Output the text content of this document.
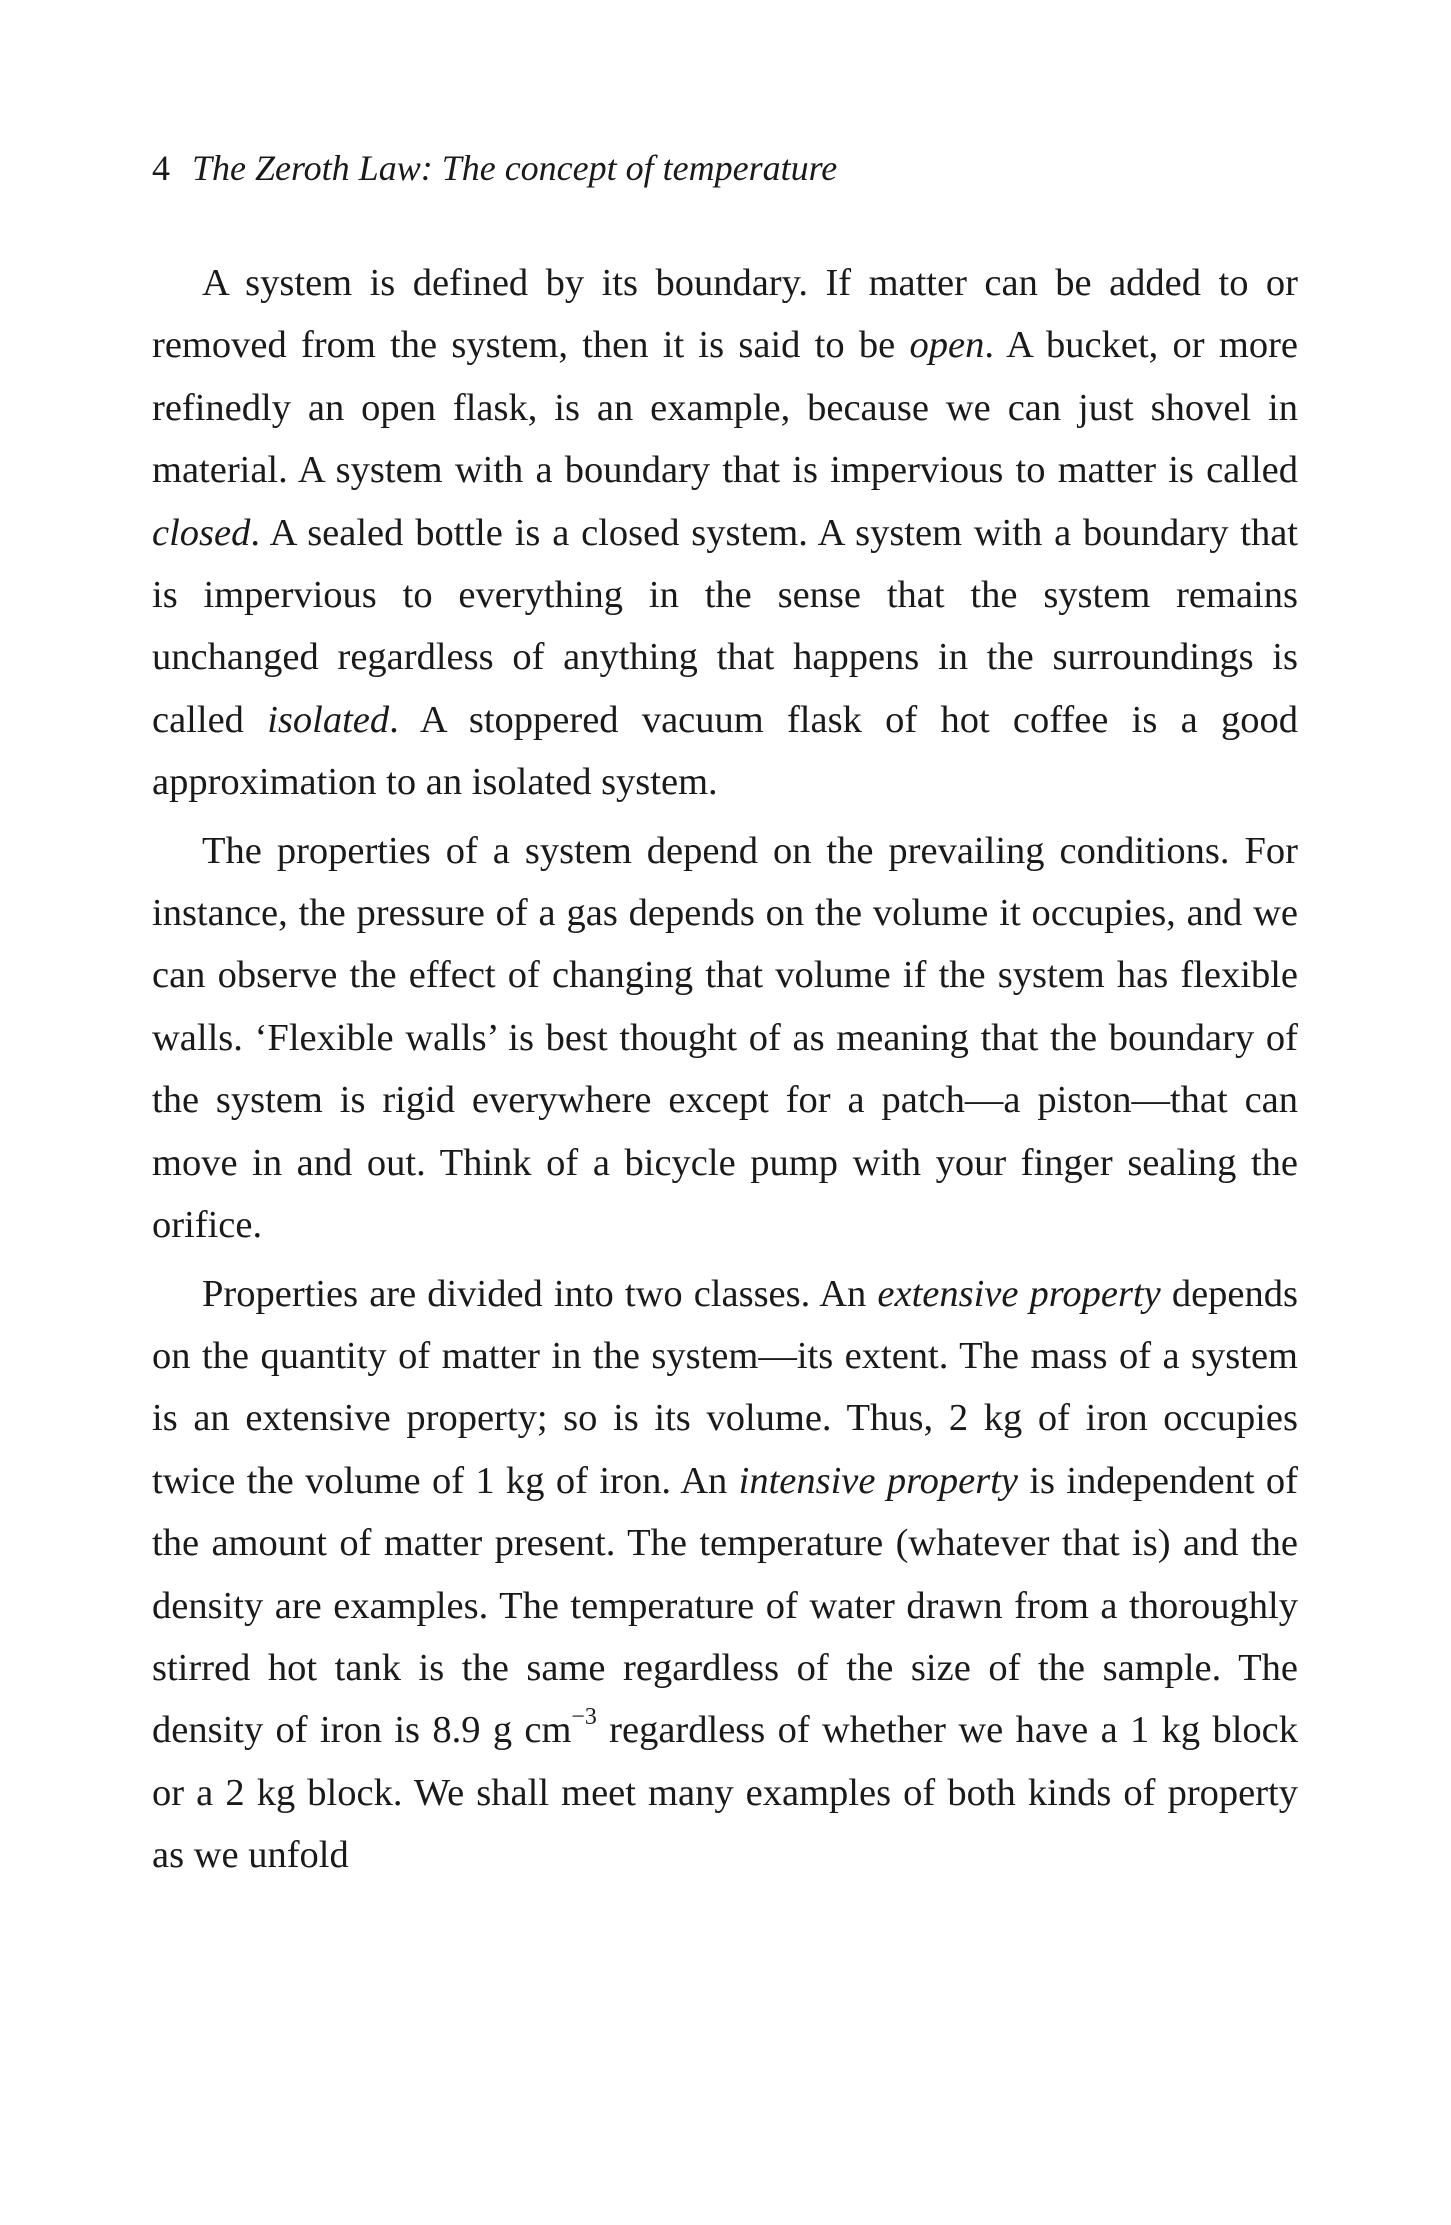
4 The Zeroth Law: The concept of temperature

A system is defined by its boundary. If matter can be added to or removed from the system, then it is said to be open. A bucket, or more refinedly an open flask, is an example, because we can just shovel in material. A system with a boundary that is impervious to matter is called closed. A sealed bottle is a closed system. A system with a boundary that is impervious to everything in the sense that the system remains unchanged regardless of anything that happens in the surroundings is called isolated. A stoppered vacuum flask of hot coffee is a good approximation to an isolated system.

The properties of a system depend on the prevailing conditions. For instance, the pressure of a gas depends on the volume it occupies, and we can observe the effect of changing that volume if the system has flexible walls. ‘Flexible walls’ is best thought of as meaning that the boundary of the system is rigid everywhere except for a patch—a piston—that can move in and out. Think of a bicycle pump with your finger sealing the orifice.

Properties are divided into two classes. An extensive property depends on the quantity of matter in the system—its extent. The mass of a system is an extensive property; so is its volume. Thus, 2 kg of iron occupies twice the volume of 1 kg of iron. An intensive property is independent of the amount of matter present. The temperature (whatever that is) and the density are examples. The temperature of water drawn from a thoroughly stirred hot tank is the same regardless of the size of the sample. The density of iron is 8.9 g $cm^{-3}$ regardless of whether we have a 1 kg block or a 2 kg block. We shall meet many examples of both kinds of property as we unfold
